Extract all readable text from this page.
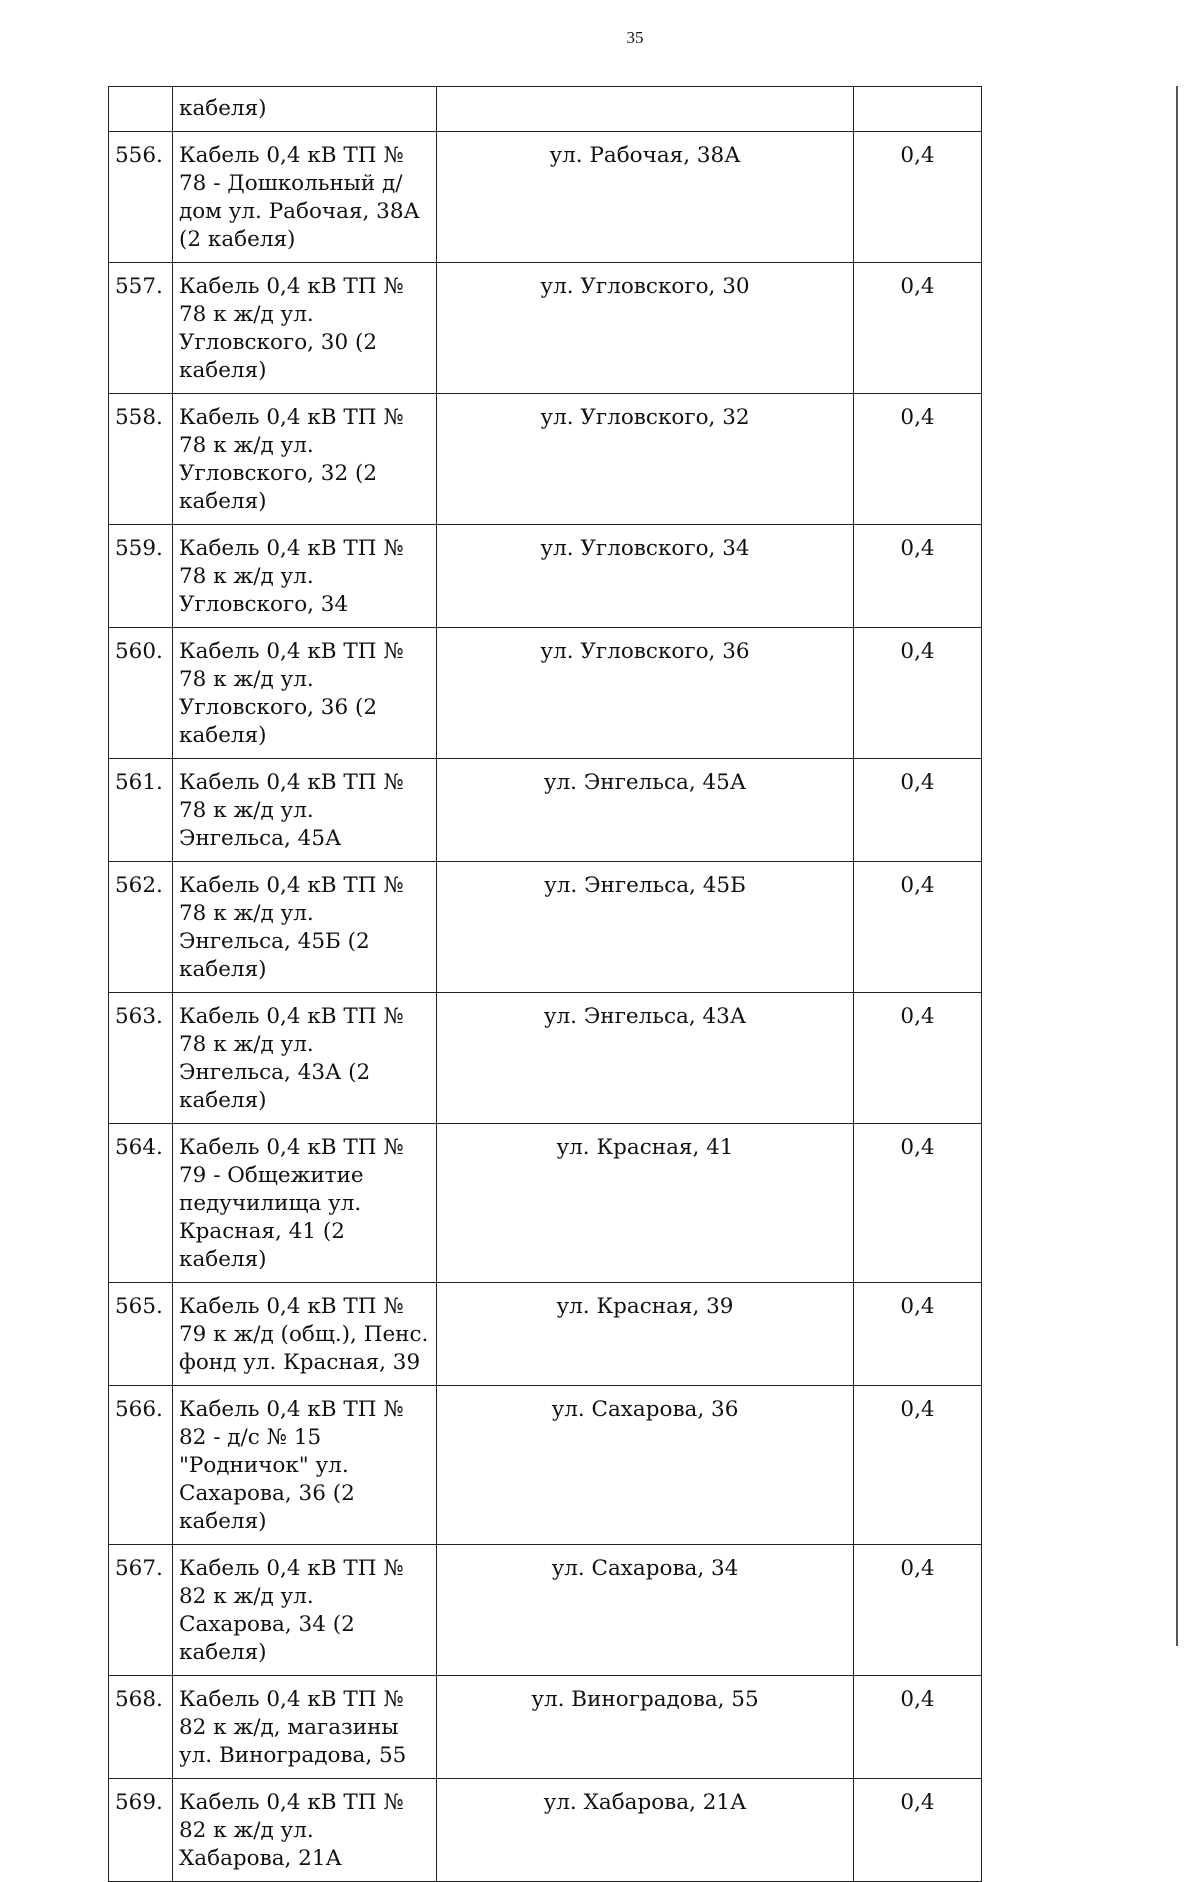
35
	кабеля)		
556.	Кабель 0,4 кВ ТП № 78 - Дошкольный д/дом ул. Рабочая, 38А (2 кабеля)	ул. Рабочая, 38А	0,4
557.	Кабель 0,4 кВ ТП № 78 к ж/д ул. Угловского, 30 (2 кабеля)	ул. Угловского, 30	0,4
558.	Кабель 0,4 кВ ТП № 78 к ж/д ул. Угловского, 32 (2 кабеля)	ул. Угловского, 32	0,4
559.	Кабель 0,4 кВ ТП № 78 к ж/д ул. Угловского, 34	ул. Угловского, 34	0,4
560.	Кабель 0,4 кВ ТП № 78 к ж/д ул. Угловского, 36 (2 кабеля)	ул. Угловского, 36	0,4
561.	Кабель 0,4 кВ ТП № 78 к ж/д ул. Энгельса, 45А	ул. Энгельса, 45А	0,4
562.	Кабель 0,4 кВ ТП № 78 к ж/д ул. Энгельса, 45Б (2 кабеля)	ул. Энгельса, 45Б	0,4
563.	Кабель 0,4 кВ ТП № 78 к ж/д ул. Энгельса, 43А (2 кабеля)	ул. Энгельса, 43А	0,4
564.	Кабель 0,4 кВ ТП № 79 - Общежитие педучилища ул. Красная, 41 (2 кабеля)	ул. Красная, 41	0,4
565.	Кабель 0,4 кВ ТП № 79 к ж/д (общ.), Пенс. фонд ул. Красная, 39	ул. Красная, 39	0,4
566.	Кабель 0,4 кВ ТП № 82 - д/с № 15 "Родничок" ул. Сахарова, 36 (2 кабеля)	ул. Сахарова, 36	0,4
567.	Кабель 0,4 кВ ТП № 82 к ж/д ул. Сахарова, 34 (2 кабеля)	ул. Сахарова, 34	0,4
568.	Кабель 0,4 кВ ТП № 82 к ж/д, магазины ул. Виноградова, 55	ул. Виноградова, 55	0,4
569.	Кабель 0,4 кВ ТП № 82 к ж/д ул. Хабарова, 21А	ул. Хабарова, 21А	0,4
